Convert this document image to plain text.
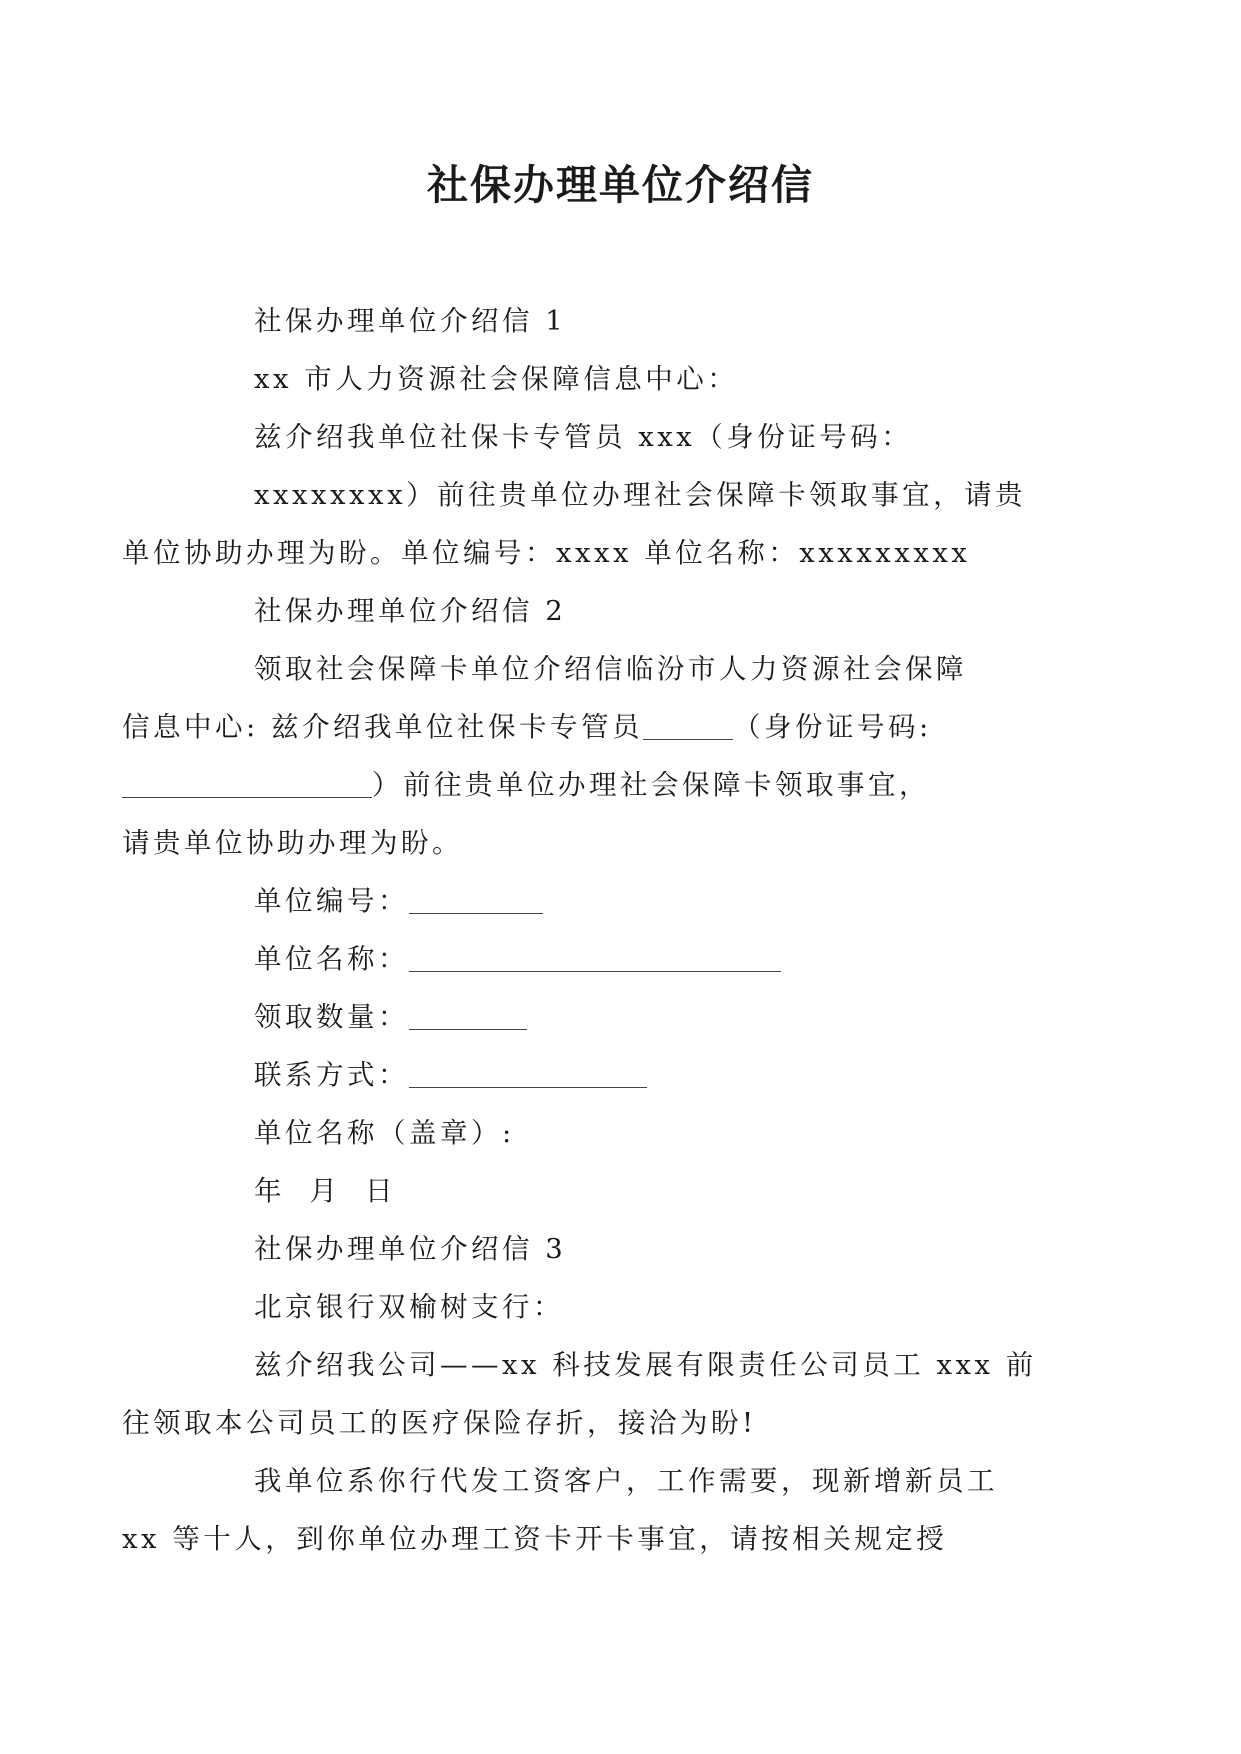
社保办理单位介绍信

社保办理单位介绍信 1

xx 市人力资源社会保障信息中心：

兹介绍我单位社保卡专管员 xxx（身份证号码：
xxxxxxxx）前往贵单位办理社会保障卡领取事宜，请贵
单位协助办理为盼。单位编号：xxxx 单位名称：xxxxxxxxx

社保办理单位介绍信 2

领取社会保障卡单位介绍信临汾市人力资源社会保障
信息中心: 兹介绍我单位社保卡专管员	（身份证号码:
）前往贵单位办理社会保障卡领取事宜，
请贵单位协助办理为盼。

单位编号：

单位名称：

领取数量：

联系方式：

单位名称（盖章）:

年  月  日

社保办理单位介绍信 3

北京银行双榆树支行：

兹介绍我公司——xx 科技发展有限责任公司员工 xxx 前
往领取本公司员工的医疗保险存折，接洽为盼!

我单位系你行代发工资客户，工作需要，现新增新员工
xx 等十人，到你单位办理工资卡开卡事宜，请按相关规定授
